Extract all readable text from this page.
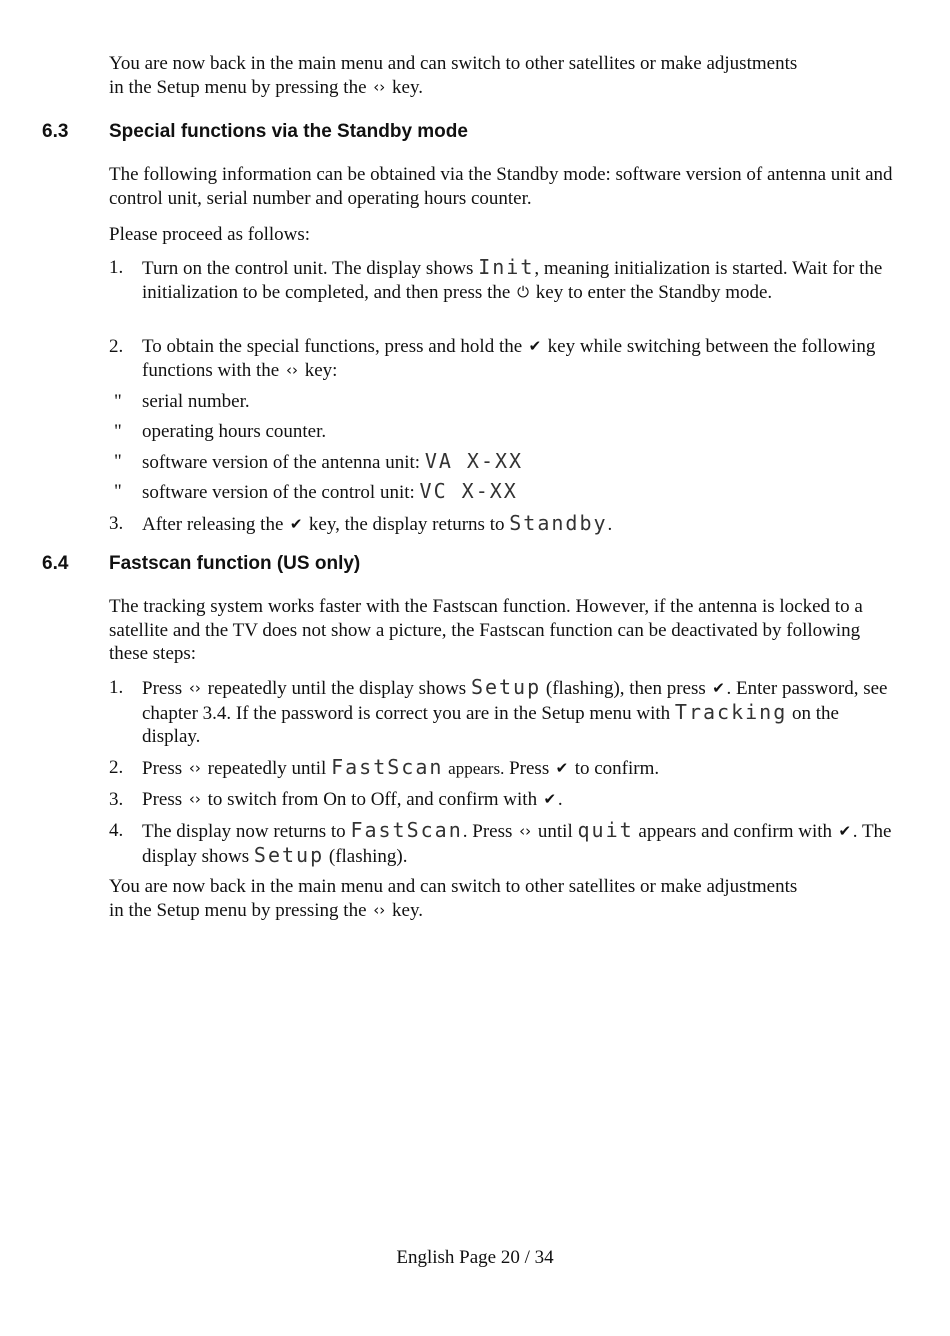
You are now back in the main menu and can switch to other satellites or make adjustments
in the Setup menu by pressing the ‹› key.

6.3 Special functions via the Standby mode

The following information can be obtained via the Standby mode: software version of antenna unit and control unit, serial number and operating hours counter.

Please proceed as follows:

1. Turn on the control unit. The display shows Init, meaning initialization is started. Wait for the initialization to be completed, and then press the ⏻ key to enter the Standby mode.
2. To obtain the special functions, press and hold the ✔ key while switching between the following functions with the ‹› key:
"	serial number.
"	operating hours counter.
"	software version of the antenna unit: VA X-XX
"	software version of the control unit: VC X-XX
3. After releasing the ✔ key, the display returns to Standby.
6.4 Fastscan function (US only)

The tracking system works faster with the Fastscan function. However, if the antenna is locked to a satellite and the TV does not show a picture, the Fastscan function can be deactivated by following these steps:

1. Press ‹› repeatedly until the display shows Setup (flashing), then press ✔. Enter password, see chapter 3.4. If the password is correct you are in the Setup menu with Tracking on the display.
2. Press ‹› repeatedly until FastScan appears. Press ✔ to confirm.
3. Press ‹› to switch from On to Off, and confirm with ✔.
4. The display now returns to FastScan. Press ‹› until quit appears and confirm with ✔. The display shows Setup (flashing).

You are now back in the main menu and can switch to other satellites or make adjustments
in the Setup menu by pressing the ‹› key.

English Page 20 / 34
